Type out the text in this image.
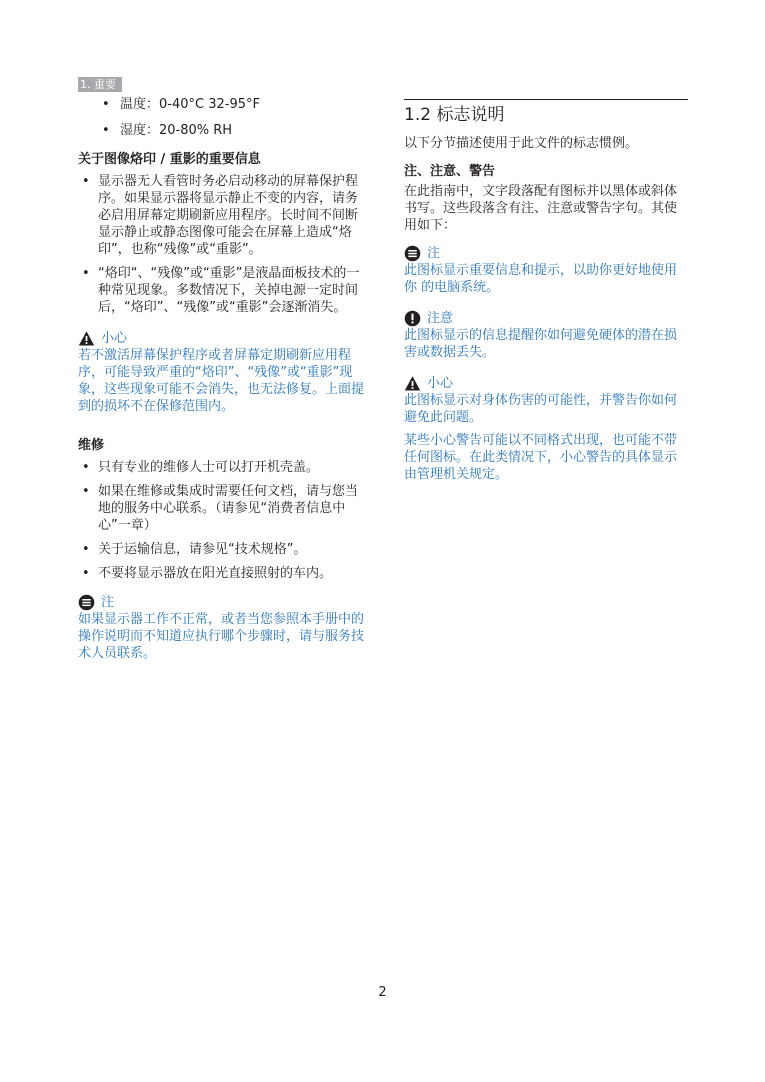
1. 重要

• 温度：0-40°C 32-95°F

• 湿度：20-80% RH

关于图像烙印 / 重影的重要信息

• 显示器无人看管时务必启动移动的屏幕保护程序。如果显示器将显示静止不变的内容，请务必启用屏幕定期刷新应用程序。长时间不间断显示静止或静态图像可能会在屏幕上造成“烙印”，也称“残像”或“重影”。

• “烙印“、“残像”或“重影”是液晶面板技术的一种常见现象。多数情况下，关掉电源一定时间后，“烙印”、“残像”或“重影”会逐渐消失。

小心

若不激活屏幕保护程序或者屏幕定期刷新应用程序，可能导致严重的“烙印”、“残像”或“重影”现象，这些现象可能不会消失，也无法修复。上面提到的损坏不在保修范围内。

维修

• 只有专业的维修人士可以打开机壳盖。

• 如果在维修或集成时需要任何文档，请与您当地的服务中心联系。（请参见“消费者信息中心”一章）

• 关于运输信息，请参见“技术规格”。

• 不要将显示器放在阳光直接照射的车内。

注

如果显示器工作不正常，或者当您参照本手册中的操作说明而不知道应执行哪个步骤时，请与服务技术人员联系。

1.2 标志说明

以下分节描述使用于此文件的标志惯例。

注、注意、警告

在此指南中，文字段落配有图标并以黑体或斜体书写。这些段落含有注、注意或警告字句。其使用如下：

注

此图标显示重要信息和提示，以助你更好地使用你 的电脑系统。

注意

此图标显示的信息提醒你如何避免硬体的潜在损害或数据丢失。

小心

此图标显示对身体伤害的可能性，并警告你如何避免此问题。

某些小心警告可能以不同格式出现，也可能不带任何图标。在此类情况下，小心警告的具体显示由管理机关规定。

2
